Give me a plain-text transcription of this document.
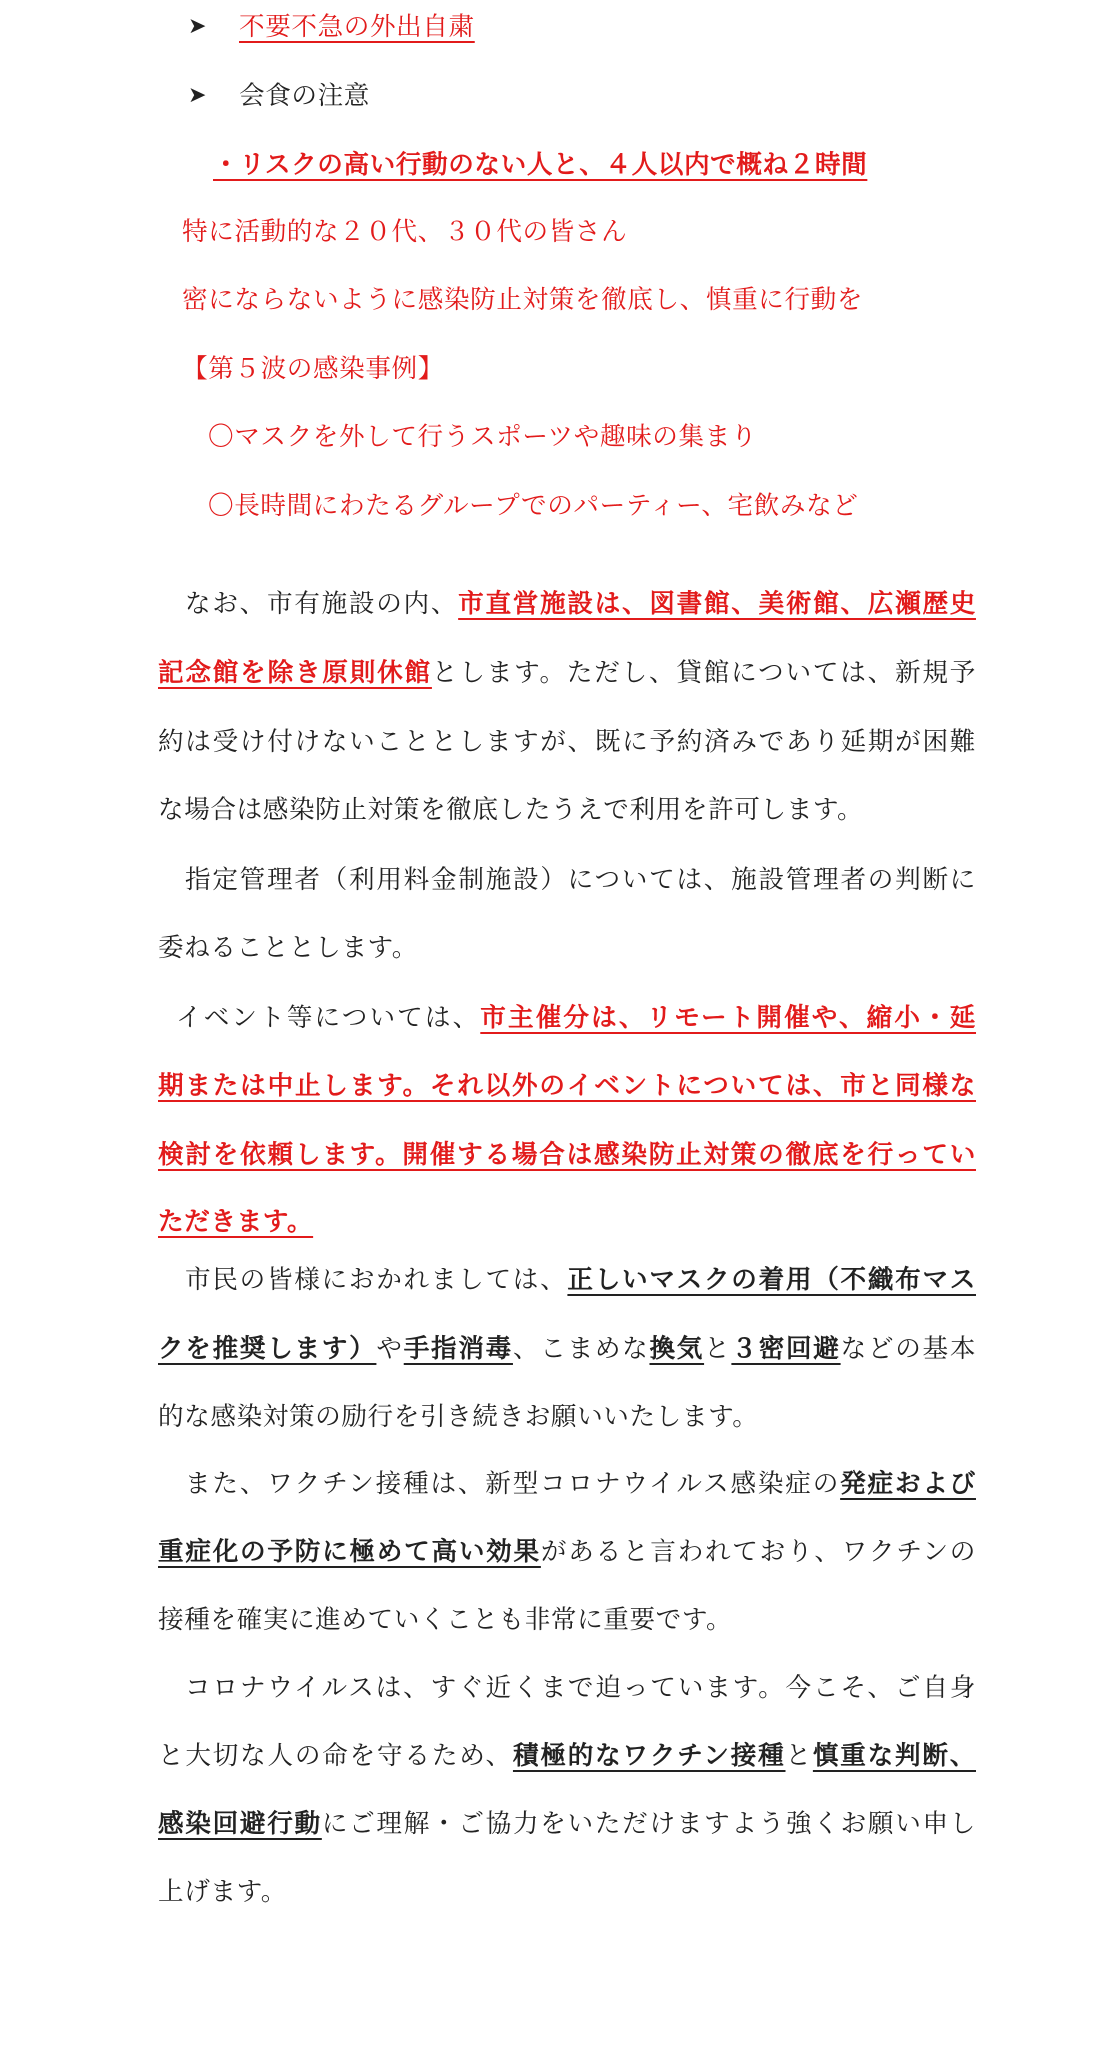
➤ 不要不急の外出自粛
➤ 会食の注意
・リスクの高い行動のない人と、４人以内で概ね２時間
特に活動的な２０代、３０代の皆さん
密にならないように感染防止対策を徹底し、慎重に行動を
【第５波の感染事例】
〇マスクを外して行うスポーツや趣味の集まり
〇長時間にわたるグループでのパーティー、宅飲みなど
なお、市有施設の内、市直営施設は、図書館、美術館、広瀬歴史
記念館を除き原則休館とします。ただし、貸館については、新規予
約は受け付けないこととしますが、既に予約済みであり延期が困難
な場合は感染防止対策を徹底したうえで利用を許可します。
指定管理者（利用料金制施設）については、施設管理者の判断に
委ねることとします。
イベント等については、市主催分は、リモート開催や、縮小・延
期または中止します。それ以外のイベントについては、市と同様な
検討を依頼します。開催する場合は感染防止対策の徹底を行ってい
ただきます。
市民の皆様におかれましては、正しいマスクの着用（不織布マス
クを推奨します）や手指消毒、こまめな換気と３密回避などの基本
的な感染対策の励行を引き続きお願いいたします。
また、ワクチン接種は、新型コロナウイルス感染症の発症および
重症化の予防に極めて高い効果があると言われており、ワクチンの
接種を確実に進めていくことも非常に重要です。
コロナウイルスは、すぐ近くまで迫っています。今こそ、ご自身
と大切な人の命を守るため、積極的なワクチン接種と慎重な判断、
感染回避行動にご理解・ご協力をいただけますよう強くお願い申し
上げます。
